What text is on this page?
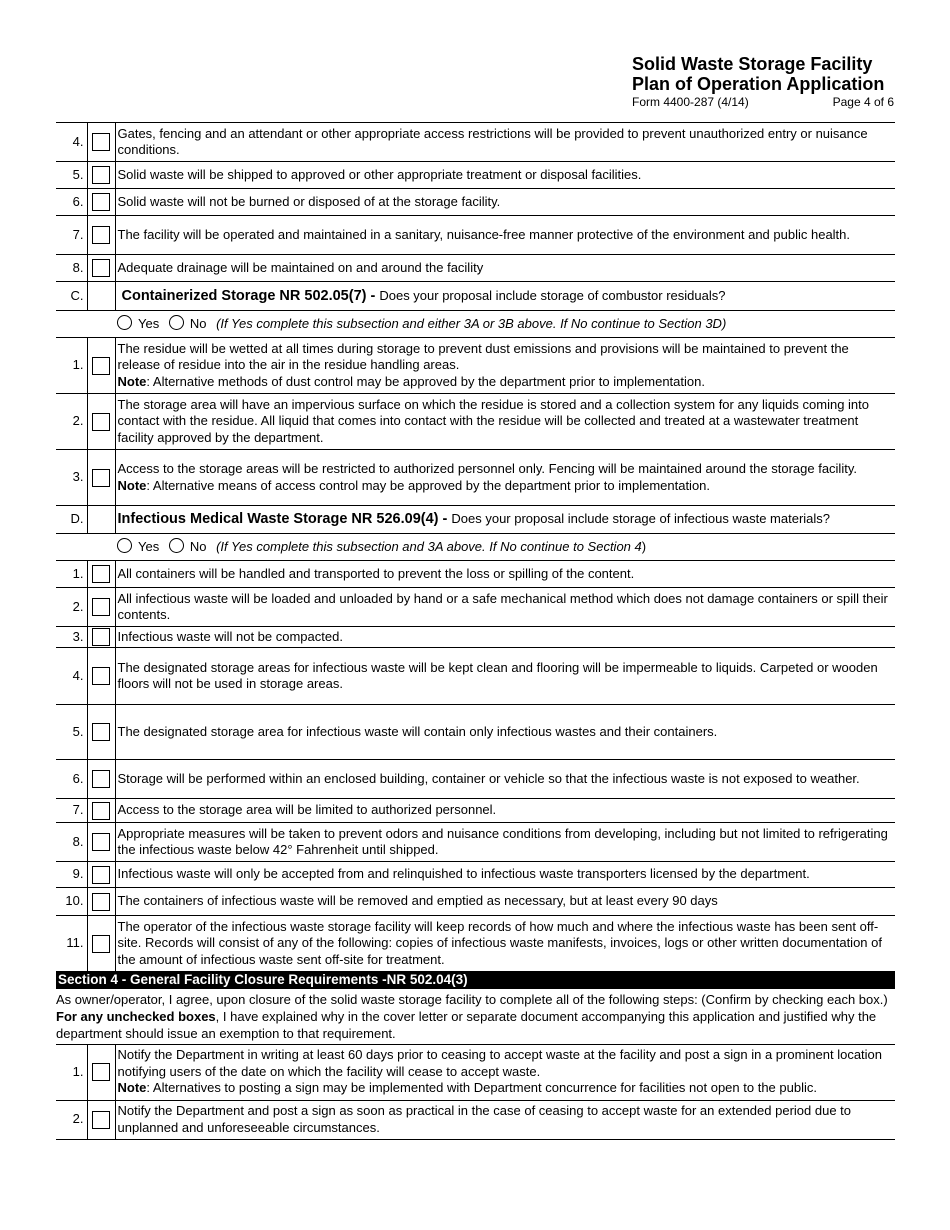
Solid Waste Storage Facility
Plan of Operation Application
Form 4400-287 (4/14)	Page 4 of 6
4.		Gates, fencing and an attendant or other appropriate access restrictions will be provided to prevent unauthorized entry or nuisance conditions.
5.		Solid waste will be shipped to approved or other appropriate treatment or disposal facilities.
6.		Solid waste will not be burned or disposed of at the storage facility.
7.		The facility will be operated and maintained in a sanitary, nuisance-free manner protective of the environment and public health.
8.		Adequate drainage will be maintained on and around the facility
C.		Containerized Storage NR 502.05(7) - Does your proposal include storage of combustor residuals?
		Yes No (If Yes complete this subsection and either 3A or 3B above. If No continue to Section 3D)
1.		The residue will be wetted at all times during storage to prevent dust emissions and provisions will be maintained to prevent the release of residue into the air in the residue handling areas.
Note: Alternative methods of dust control may be approved by the department prior to implementation.
2.		The storage area will have an impervious surface on which the residue is stored and a collection system for any liquids coming into contact with the residue. All liquid that comes into contact with the residue will be collected and treated at a wastewater treatment facility approved by the department.
3.		Access to the storage areas will be restricted to authorized personnel only. Fencing will be maintained around the storage facility.
Note: Alternative means of access control may be approved by the department prior to implementation.
D.		Infectious Medical Waste Storage NR 526.09(4) - Does your proposal include storage of infectious waste materials?
		Yes No (If Yes complete this subsection and 3A above. If No continue to Section 4)
1.		All containers will be handled and transported to prevent the loss or spilling of the content.
2.		All infectious waste will be loaded and unloaded by hand or a safe mechanical method which does not damage containers or spill their contents.
3.		Infectious waste will not be compacted.
4.		The designated storage areas for infectious waste will be kept clean and flooring will be impermeable to liquids. Carpeted or wooden floors will not be used in storage areas.
5.		The designated storage area for infectious waste will contain only infectious wastes and their containers.
6.		Storage will be performed within an enclosed building, container or vehicle so that the infectious waste is not exposed to weather.
7.		Access to the storage area will be limited to authorized personnel.
8.		Appropriate measures will be taken to prevent odors and nuisance conditions from developing, including but not limited to refrigerating the infectious waste below 42° Fahrenheit until shipped.
9.		Infectious waste will only be accepted from and relinquished to infectious waste transporters licensed by the department.
10.		The containers of infectious waste will be removed and emptied as necessary, but at least every 90 days
11.		The operator of the infectious waste storage facility will keep records of how much and where the infectious waste has been sent off-site. Records will consist of any of the following: copies of infectious waste manifests, invoices, logs or other written documentation of the amount of infectious waste sent off-site for treatment.
Section 4 - General Facility Closure Requirements -NR 502.04(3)		
As owner/operator, I agree, upon closure of the solid waste storage facility to complete all of the following steps: (Confirm by checking each box.) For any unchecked boxes, I have explained why in the cover letter or separate document accompanying this application and justified why the department should issue an exemption to that requirement.		
1.		Notify the Department in writing at least 60 days prior to ceasing to accept waste at the facility and post a sign in a prominent location notifying users of the date on which the facility will cease to accept waste.
Note: Alternatives to posting a sign may be implemented with Department concurrence for facilities not open to the public.
2.		Notify the Department and post a sign as soon as practical in the case of ceasing to accept waste for an extended period due to unplanned and unforeseeable circumstances.
